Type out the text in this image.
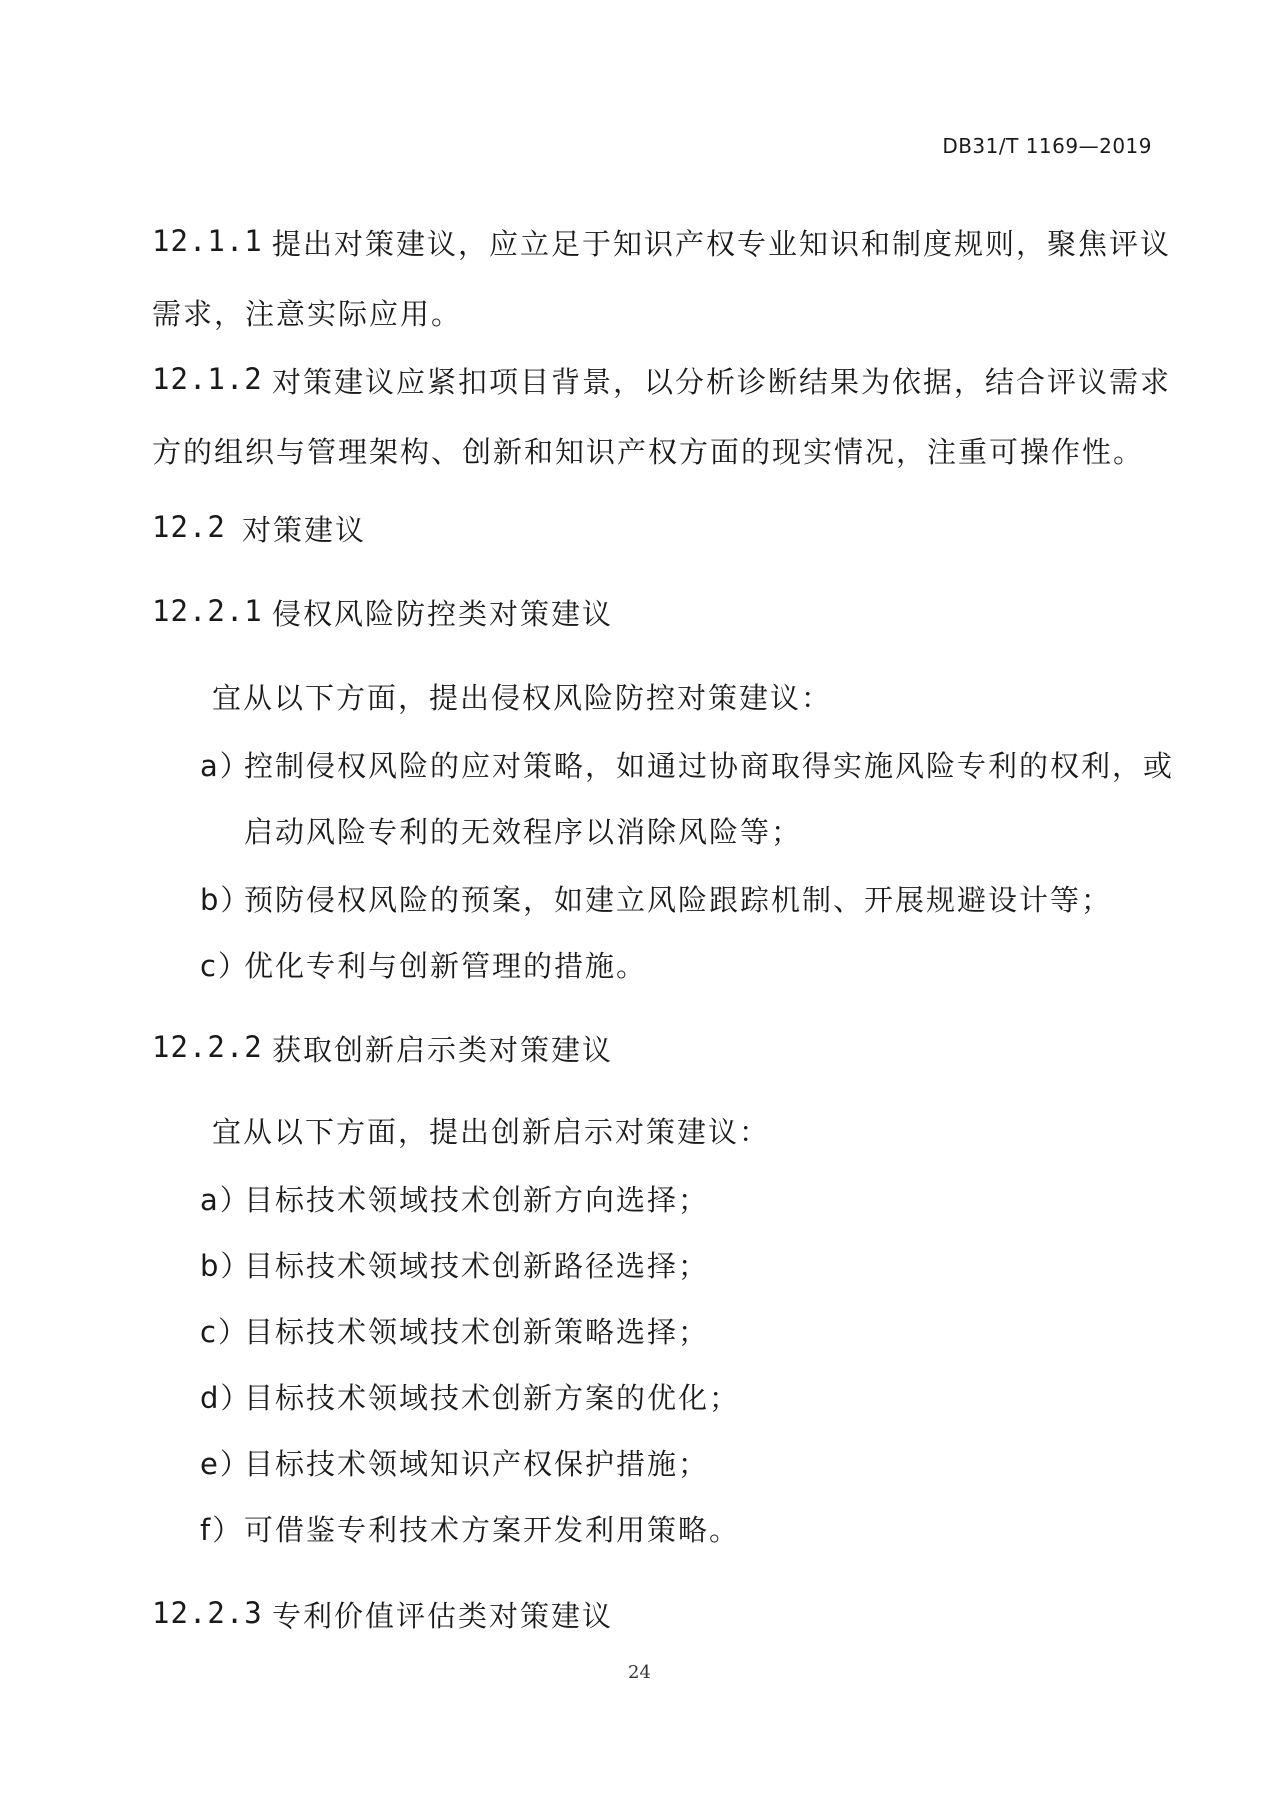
DB31/T 1169—2019
12.1.1 提出对策建议，应立足于知识产权专业知识和制度规则，聚焦评议
需求，注意实际应用。
12.1.2 对策建议应紧扣项目背景，以分析诊断结果为依据，结合评议需求
方的组织与管理架构、创新和知识产权方面的现实情况，注重可操作性。
12.2 对策建议
12.2.1 侵权风险防控类对策建议
宜从以下方面，提出侵权风险防控对策建议：
a）
控制侵权风险的应对策略，如通过协商取得实施风险专利的权利，或
启动风险专利的无效程序以消除风险等；
b）
预防侵权风险的预案，如建立风险跟踪机制、开展规避设计等；
c）
优化专利与创新管理的措施。
12.2.2 获取创新启示类对策建议
宜从以下方面，提出创新启示对策建议：
a）
目标技术领域技术创新方向选择；
b）
目标技术领域技术创新路径选择；
c）
目标技术领域技术创新策略选择；
d）
目标技术领域技术创新方案的优化；
e）
目标技术领域知识产权保护措施；
f） 可借鉴专利技术方案开发利用策略。
12.2.3 专利价值评估类对策建议
24
